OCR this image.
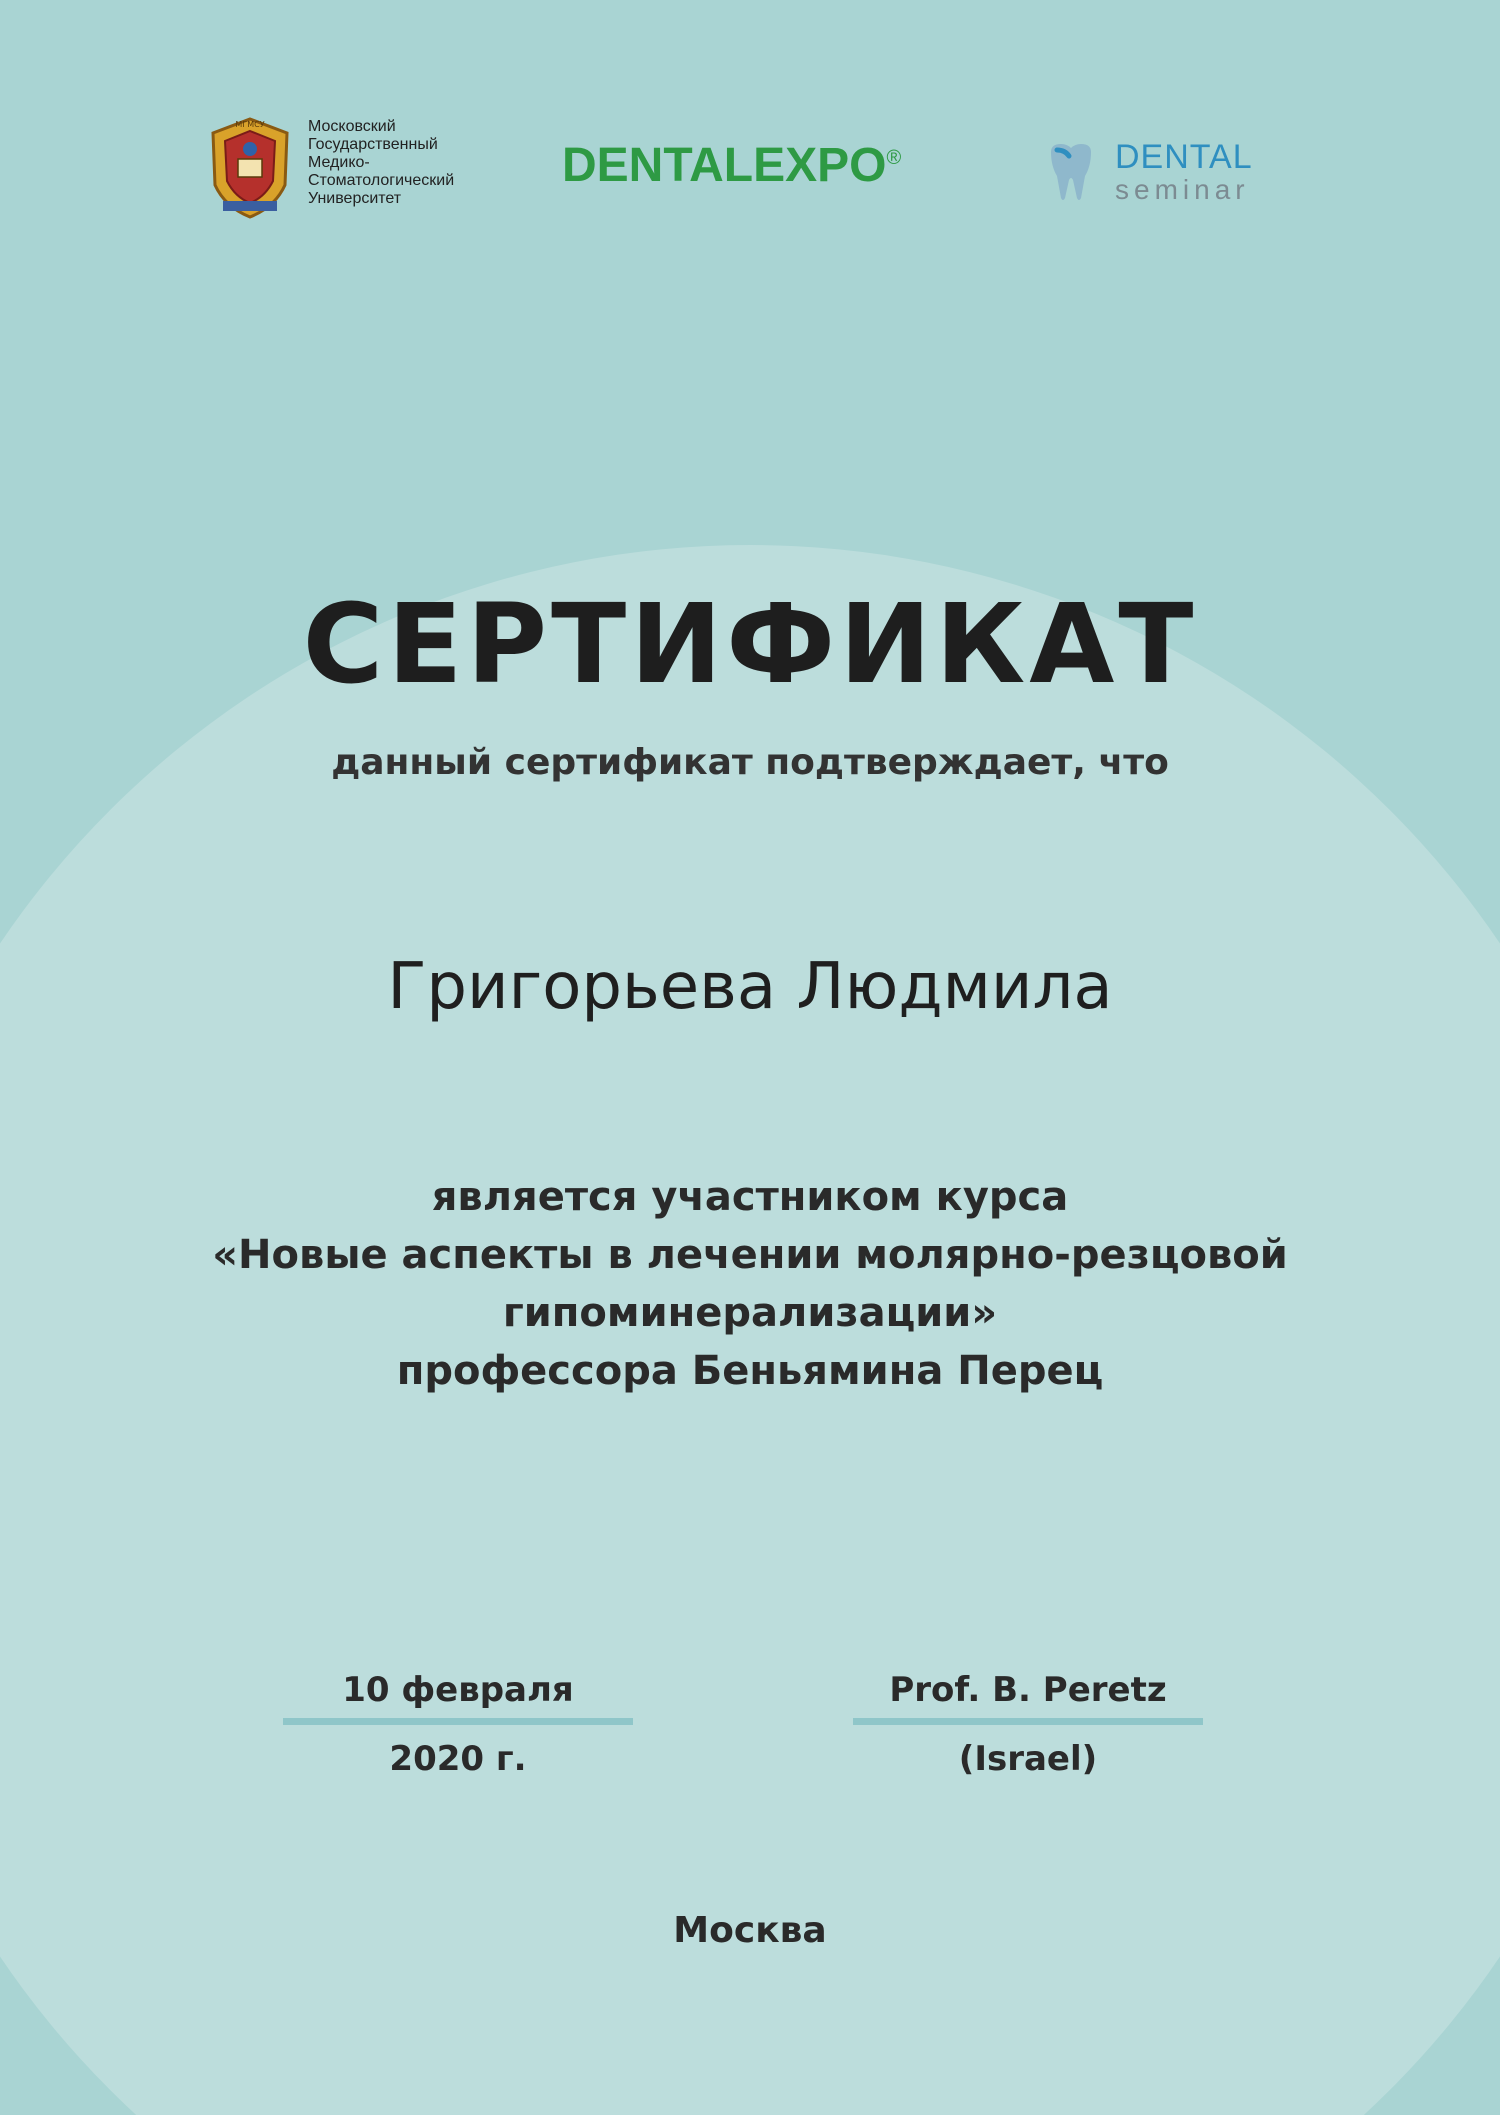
МГМСУ	Московский
Государственный
Медико-
Стоматологический
Университет
DENTALEXPO®	DENTAL
seminar
СЕРТИФИКАТ
данный сертификат подтверждает, что
Григорьева Людмила
является участником курса
«Новые аспекты в лечении молярно-резцовой
гипоминерализации»
профессора Беньямина Перец
10 февраля
2020 г.
Prof. B. Peretz
(Israel)
Москва
